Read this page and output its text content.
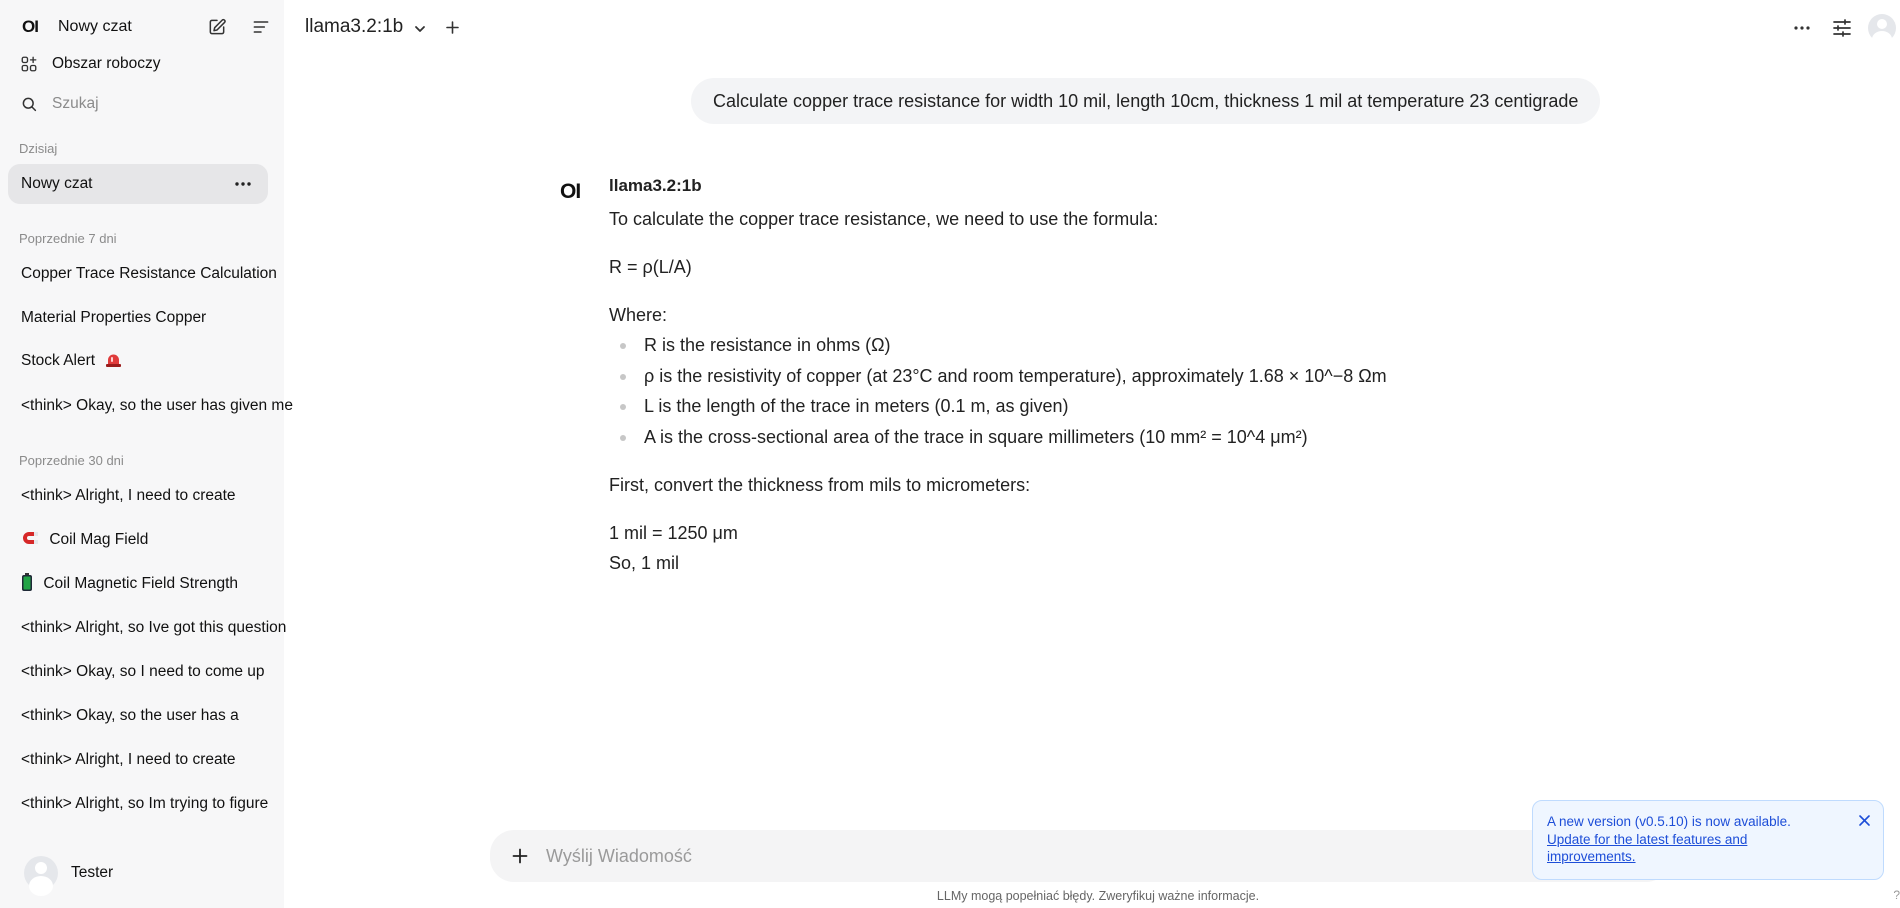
OI	Nowy czat
Obszar roboczy
Szukaj
Dzisiaj
Nowy czat
Poprzednie 7 dni
Copper Trace Resistance Calculation
Material Properties Copper
Stock Alert
<think> Okay, so the user has given me
Poprzednie 30 dni
<think> Alright, I need to create
Coil Mag Field
Coil Magnetic Field Strength
<think> Alright, so Ive got this question
<think> Okay, so I need to come up
<think> Okay, so the user has a
<think> Alright, I need to create
<think> Alright, so Im trying to figure
Tester
llama3.2:1b
Calculate copper trace resistance for width 10 mil, length 10cm, thickness 1 mil at temperature 23 centigrade
OI llama3.2:1b

To calculate the copper trace resistance, we need to use the formula:

R = ρ(L/A)

Where:

R is the resistance in ohms (Ω)
ρ is the resistivity of copper (at 23°C and room temperature), approximately 1.68 × 10^−8 Ωm
L is the length of the trace in meters (0.1 m, as given)
A is the cross-sectional area of the trace in square millimeters (10 mm² = 10^4 μm²)

First, convert the thickness from mils to micrometers:

1 mil = 1250 μm

So, 1 mil

Wyślij Wiadomość
LLMy mogą popełniać błędy. Zweryfikuj ważne informacje.	?
A new version (v0.5.10) is now available.
Update for the latest features and improvements.
